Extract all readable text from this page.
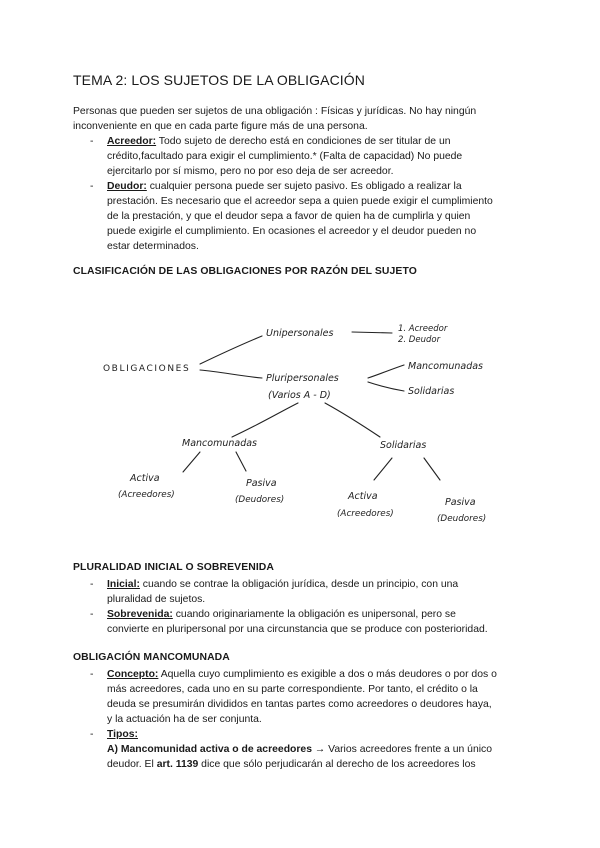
TEMA 2: LOS SUJETOS DE LA OBLIGACIÓN

Personas que pueden ser sujetos de una obligación : Físicas y jurídicas. No hay ningún

inconveniente en que en cada parte figure más de una persona.

- Acreedor: Todo sujeto de derecho está en condiciones de ser titular de un

crédito,facultado para exigir el cumplimiento.* (Falta de capacidad) No puede

ejercitarlo por sí mismo, pero no por eso deja de ser acreedor.

- Deudor: cualquier persona puede ser sujeto pasivo. Es obligado a realizar la

prestación. Es necesario que el acreedor sepa a quien puede exigir el cumplimiento

de la prestación, y que el deudor sepa a favor de quien ha de cumplirla y quien

puede exigirle el cumplimiento. En ocasiones el acreedor y el deudor pueden no

estar determinados.

CLASIFICACIÓN DE LAS OBLIGACIONES POR RAZÓN DEL SUJETO
OBLIGACIONES
Unipersonales	1. Acreedor
2. Deudor
Pluripersonales
(Varios A - D)
Mancomunadas
Solidarias
Mancomunadas	Solidarias
Activa
(Acreedores)
Pasiva
(Deudores)	Activa
(Acreedores)
Pasiva
(Deudores)
PLURALIDAD INICIAL O SOBREVENIDA
- Inicial: cuando se contrae la obligación jurídica, desde un principio, con una

pluralidad de sujetos.

- Sobrevenida: cuando originariamente la obligación es unipersonal, pero se

convierte en pluripersonal por una circunstancia que se produce con posterioridad.

OBLIGACIÓN MANCOMUNADA
- Concepto: Aquella cuyo cumplimiento es exigible a dos o más deudores o por dos o

más acreedores, cada uno en su parte correspondiente. Por tanto, el crédito o la

deuda se presumirán divididos en tantas partes como acreedores o deudores haya,

y la actuación ha de ser conjunta.

- Tipos:

A) Mancomunidad activa o de acreedores → Varios acreedores frente a un único

deudor. El art. 1139 dice que sólo perjudicarán al derecho de los acreedores los
